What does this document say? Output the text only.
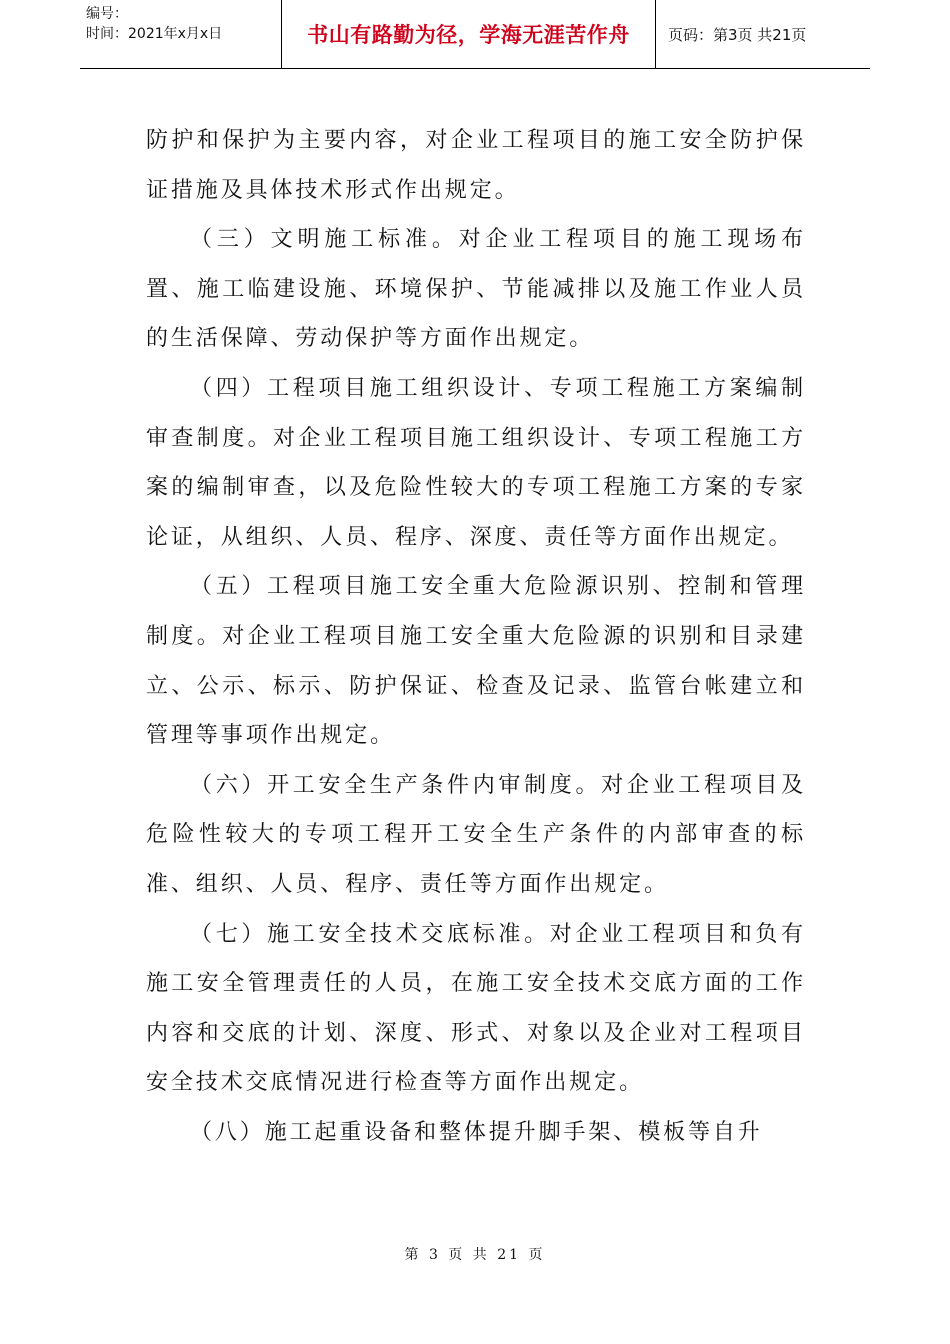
编号：
时间：2021年x月x日	书山有路勤为径，学海无涯苦作舟	页码：第3页 共21页

防护和保护为主要内容，对企业工程项目的施工安全防护保证措施及具体技术形式作出规定。

（三）文明施工标准。对企业工程项目的施工现场布置、施工临建设施、环境保护、节能减排以及施工作业人员的生活保障、劳动保护等方面作出规定。

（四）工程项目施工组织设计、专项工程施工方案编制审查制度。对企业工程项目施工组织设计、专项工程施工方案的编制审查，以及危险性较大的专项工程施工方案的专家论证，从组织、人员、程序、深度、责任等方面作出规定。

（五）工程项目施工安全重大危险源识别、控制和管理制度。对企业工程项目施工安全重大危险源的识别和目录建立、公示、标示、防护保证、检查及记录、监管台帐建立和管理等事项作出规定。

（六）开工安全生产条件内审制度。对企业工程项目及危险性较大的专项工程开工安全生产条件的内部审查的标准、组织、人员、程序、责任等方面作出规定。

（七）施工安全技术交底标准。对企业工程项目和负有施工安全管理责任的人员，在施工安全技术交底方面的工作内容和交底的计划、深度、形式、对象以及企业对工程项目安全技术交底情况进行检查等方面作出规定。

（八）施工起重设备和整体提升脚手架、模板等自升

第 3 页 共 21 页
